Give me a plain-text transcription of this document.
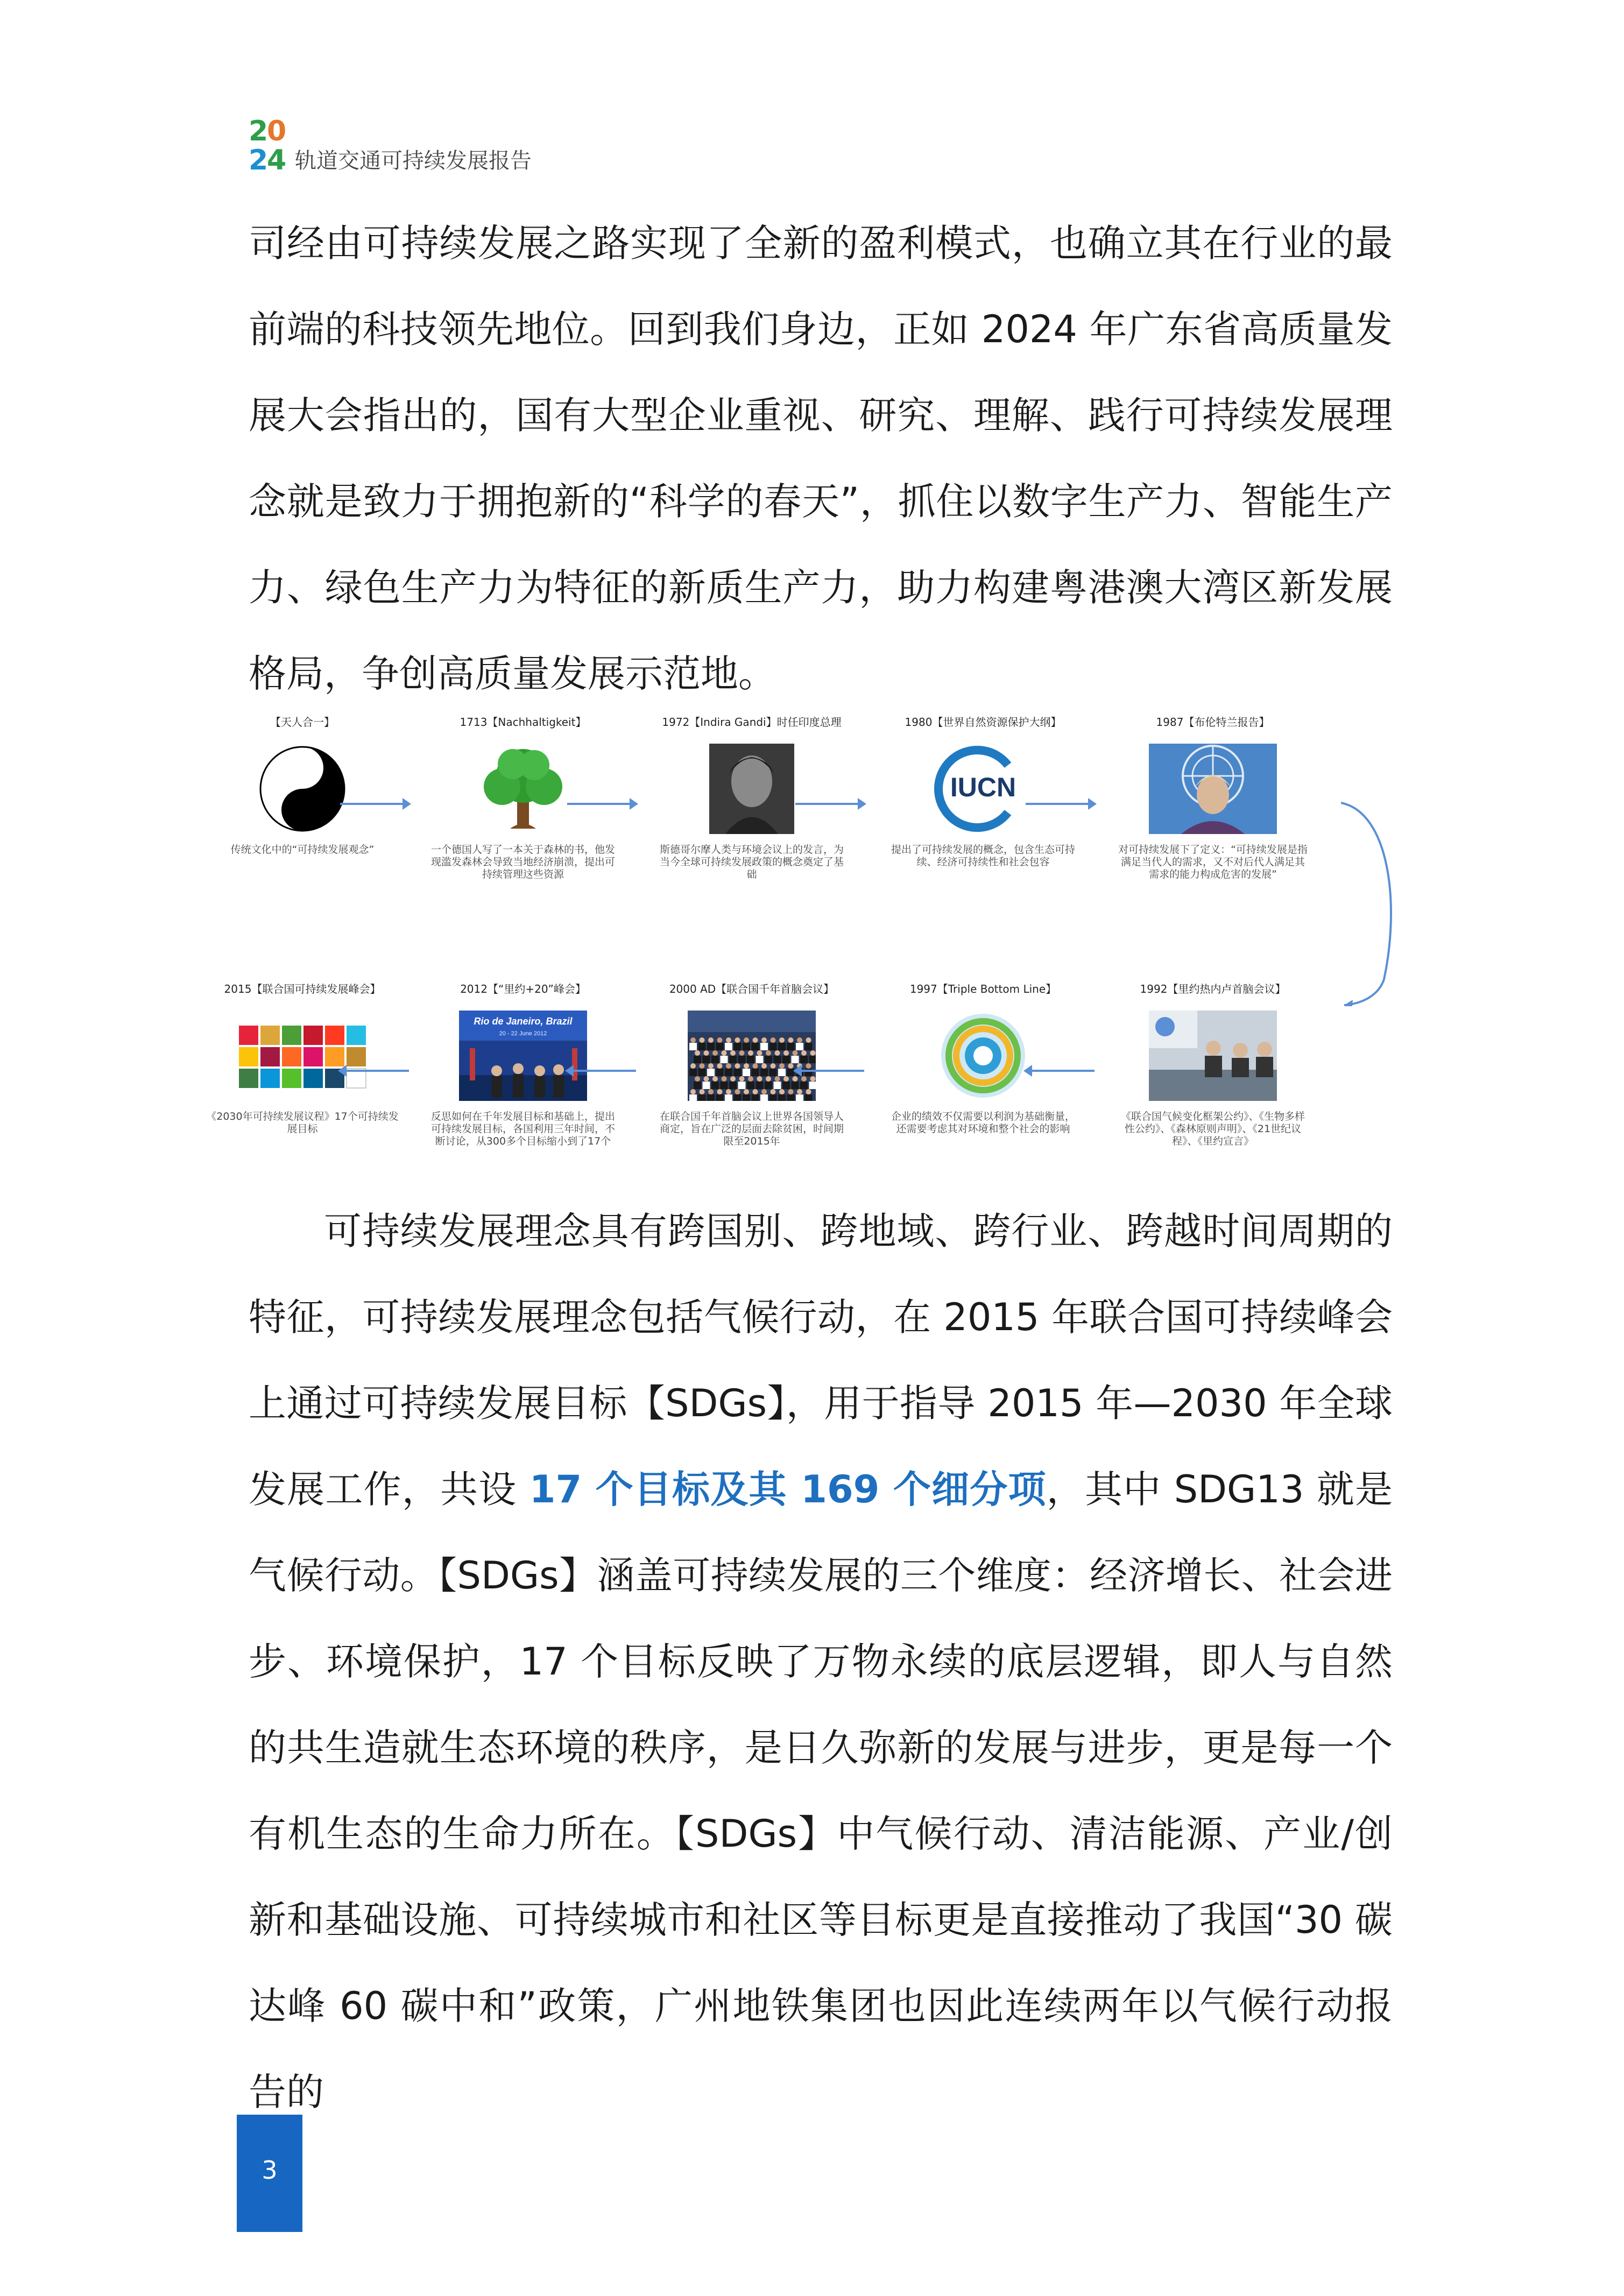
2
0
2
4 轨道交通可持续发展报告

司经由可持续发展之路实现了全新的盈利模式，也确立其在行业的最前端的科技领先地位。回到我们身边，正如 2024 年广东省高质量发展大会指出的，国有大型企业重视、研究、理解、践行可持续发展理念就是致力于拥抱新的“科学的春天”，抓住以数字生产力、智能生产力、绿色生产力为特征的新质生产力，助力构建粤港澳大湾区新发展格局，争创高质量发展示范地。

【天人合一】
传统文化中的“可持续发展观念”
1713【Nachhaltigkeit】
一个德国人写了一本关于森林的书，他发现滥发森林会导致当地经济崩溃，提出可持续管理这些资源
1972【Indira Gandi】时任印度总理
斯德哥尔摩人类与环境会议上的发言，为当今全球可持续发展政策的概念奠定了基础
1980【世界自然资源保护大纲】
IUCN
提出了可持续发展的概念，包含生态可持续、经济可持续性和社会包容
1987【布伦特兰报告】
对可持续发展下了定义：“可持续发展是指满足当代人的需求，又不对后代人满足其需求的能力构成危害的发展”
2015【联合国可持续发展峰会】
《2030年可持续发展议程》17个可持续发展目标
2012【“里约+20”峰会】
Rio de Janeiro, Brazil
20 - 22 June 2012
反思如何在千年发展目标和基础上，提出可持续发展目标，各国利用三年时间，不断讨论，从300多个目标缩小到了17个
2000 AD【联合国千年首脑会议】
在联合国千年首脑会议上世界各国领导人商定，旨在广泛的层面去除贫困，时间期限至2015年
1997【Triple Bottom Line】
企业的绩效不仅需要以利润为基础衡量，还需要考虑其对环境和整个社会的影响
1992【里约热内卢首脑会议】
《联合国气候变化框架公约》、《生物多样性公约》、《森林原则声明》、《21世纪议程》、《里约宣言》

可持续发展理念具有跨国别、跨地域、跨行业、跨越时间周期的特征，可持续发展理念包括气候行动，在 2015 年联合国可持续峰会上通过可持续发展目标【SDGs】，用于指导 2015 年—2030 年全球发展工作，共设 17 个目标及其 169 个细分项，其中 SDG13 就是气候行动。【SDGs】涵盖可持续发展的三个维度：经济增长、社会进步、环境保护，17 个目标反映了万物永续的底层逻辑，即人与自然的共生造就生态环境的秩序，是日久弥新的发展与进步，更是每一个有机生态的生命力所在。【SDGs】中气候行动、清洁能源、产业/创新和基础设施、可持续城市和社区等目标更是直接推动了我国“30 碳达峰 60 碳中和”政策，广州地铁集团也因此连续两年以气候行动报告的

3
